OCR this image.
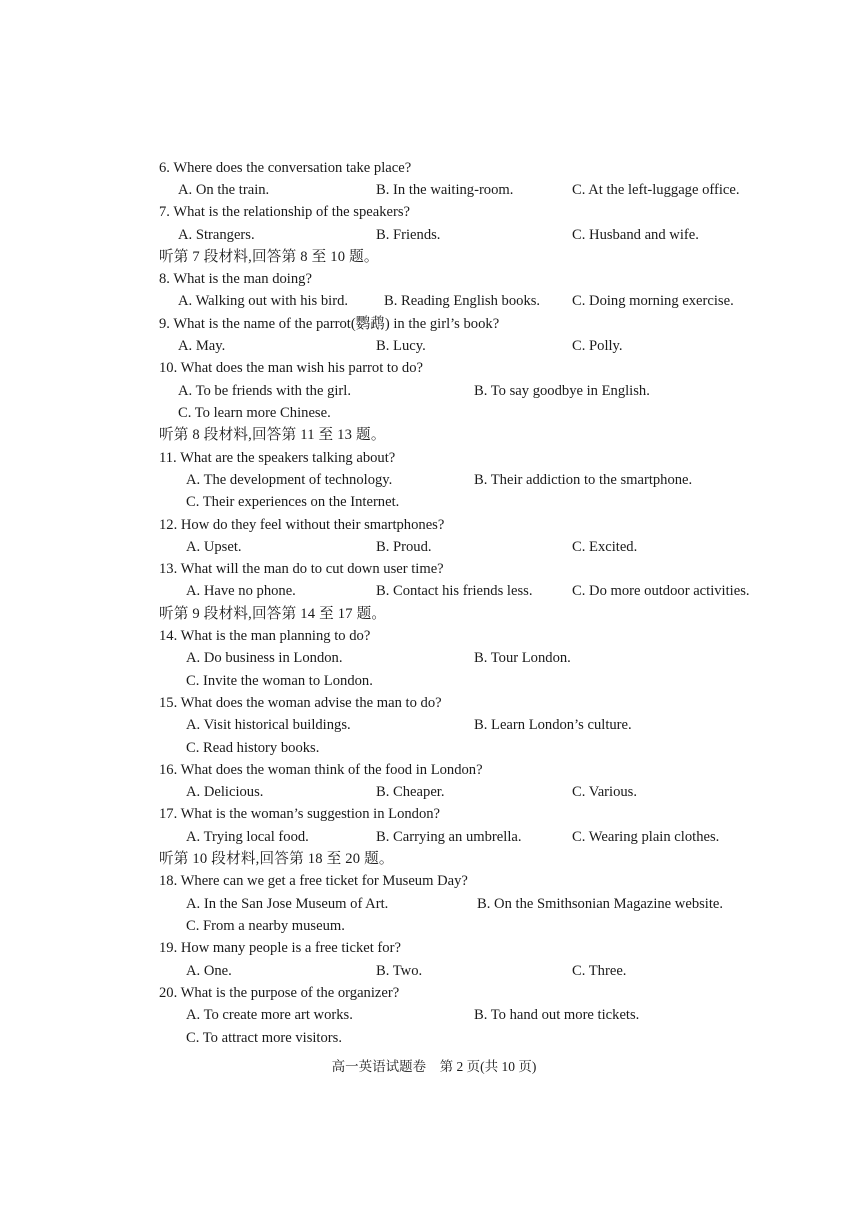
6. Where does the conversation take place?
A. On the train.	B. In the waiting-room.	C. At the left-luggage office.
7. What is the relationship of the speakers?
A. Strangers.	B. Friends.	C. Husband and wife.
听第 7 段材料,回答第 8 至 10 题。
8. What is the man doing?
A. Walking out with his bird. B. Reading English books. C. Doing morning exercise.
9. What is the name of the parrot(鹦鹉) in the girl’s book?
A. May.	B. Lucy.	C. Polly.
10. What does the man wish his parrot to do?
A. To be friends with the girl.	B. To say goodbye in English.
C. To learn more Chinese.
听第 8 段材料,回答第 11 至 13 题。
11. What are the speakers talking about?
A. The development of technology.	B. Their addiction to the smartphone.
C. Their experiences on the Internet.
12. How do they feel without their smartphones?
A. Upset.	B. Proud.	C. Excited.
13. What will the man do to cut down user time?
A. Have no phone.	B. Contact his friends less.	C. Do more outdoor activities.
听第 9 段材料,回答第 14 至 17 题。
14. What is the man planning to do?
A. Do business in London.	B. Tour London.
C. Invite the woman to London.
15. What does the woman advise the man to do?
A. Visit historical buildings.	B. Learn London’s culture.
C. Read history books.
16. What does the woman think of the food in London?
A. Delicious.	B. Cheaper.	C. Various.
17. What is the woman’s suggestion in London?
A. Trying local food.	B. Carrying an umbrella.	C. Wearing plain clothes.
听第 10 段材料,回答第 18 至 20 题。
18. Where can we get a free ticket for Museum Day?
A. In the San Jose Museum of Art.	B. On the Smithsonian Magazine website.
C. From a nearby museum.
19. How many people is a free ticket for?
A. One.	B. Two.	C. Three.
20. What is the purpose of the organizer?
A. To create more art works.	B. To hand out more tickets.
C. To attract more visitors.
高一英语试题卷　第 2 页(共 10 页)
